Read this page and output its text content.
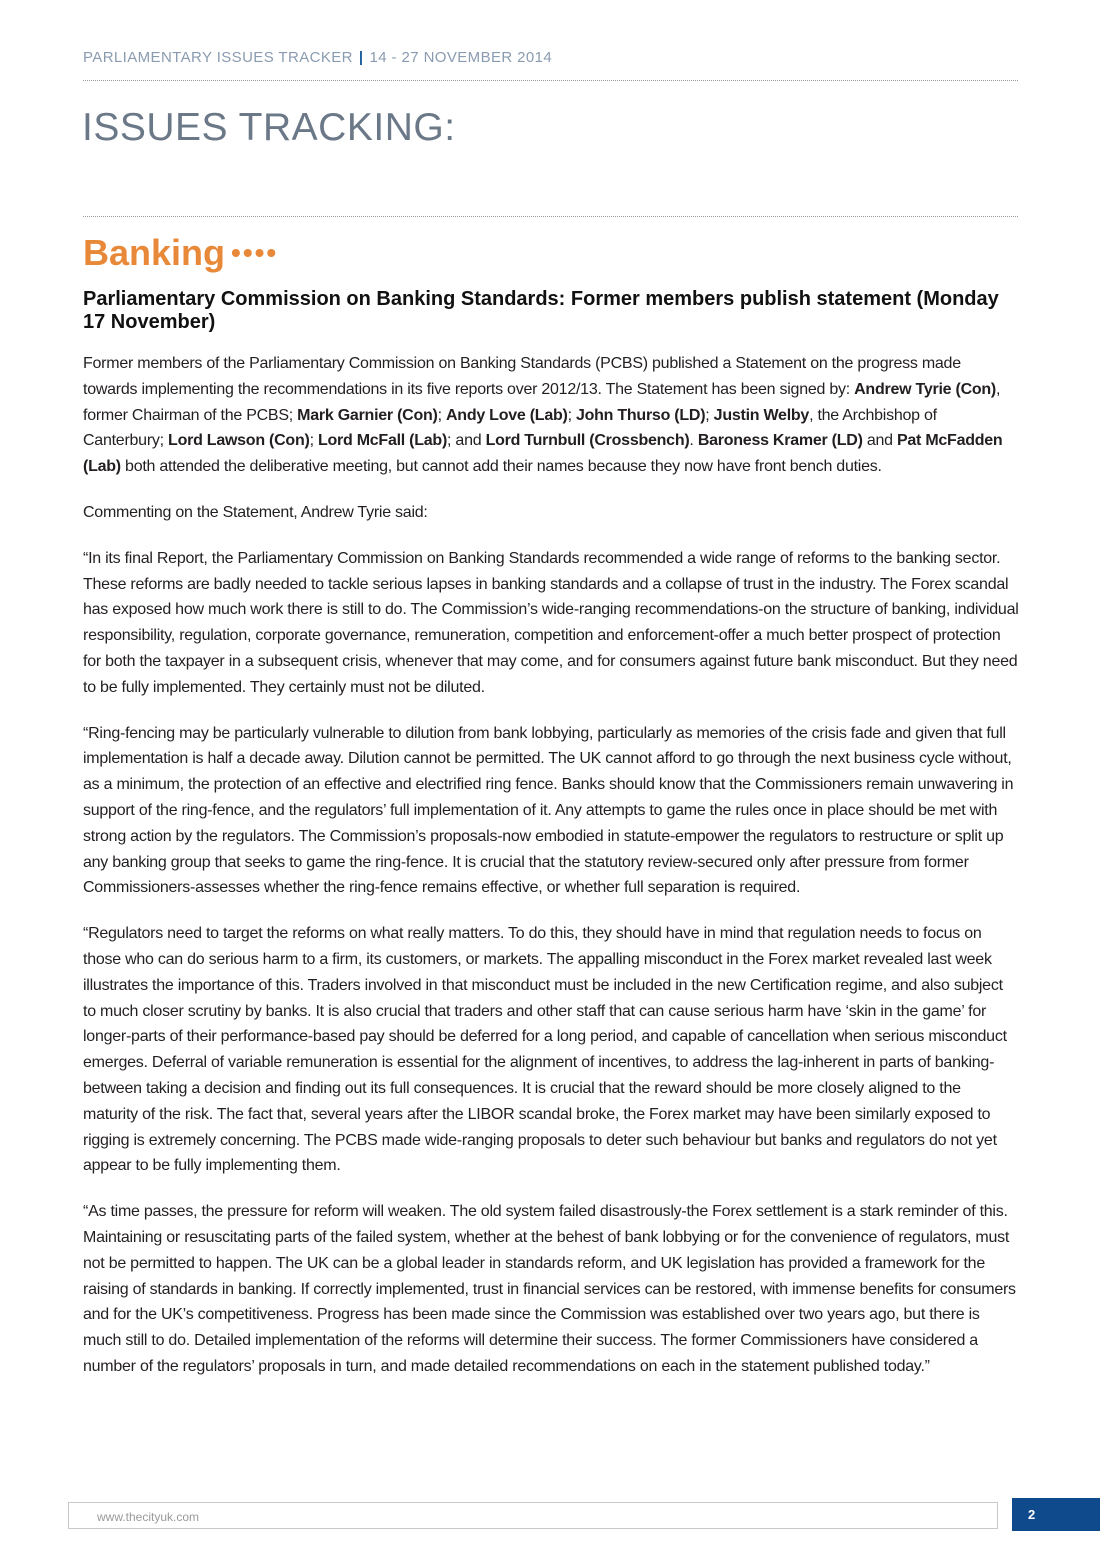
PARLIAMENTARY ISSUES TRACKER | 14 - 27 NOVEMBER 2014
ISSUES TRACKING:
Banking ••••
Parliamentary Commission on Banking Standards: Former members publish statement (Monday 17 November)

Former members of the Parliamentary Commission on Banking Standards (PCBS) published a Statement on the progress made towards implementing the recommendations in its five reports over 2012/13. The Statement has been signed by: Andrew Tyrie (Con), former Chairman of the PCBS; Mark Garnier (Con); Andy Love (Lab); John Thurso (LD); Justin Welby, the Archbishop of Canterbury; Lord Lawson (Con); Lord McFall (Lab); and Lord Turnbull (Crossbench). Baroness Kramer (LD) and Pat McFadden (Lab) both attended the deliberative meeting, but cannot add their names because they now have front bench duties.

Commenting on the Statement, Andrew Tyrie said:

“In its final Report, the Parliamentary Commission on Banking Standards recommended a wide range of reforms to the banking sector. These reforms are badly needed to tackle serious lapses in banking standards and a collapse of trust in the industry. The Forex scandal has exposed how much work there is still to do. The Commission’s wide-ranging recommendations-on the structure of banking, individual responsibility, regulation, corporate governance, remuneration, competition and enforcement-offer a much better prospect of protection for both the taxpayer in a subsequent crisis, whenever that may come, and for consumers against future bank misconduct. But they need to be fully implemented. They certainly must not be diluted.

“Ring-fencing may be particularly vulnerable to dilution from bank lobbying, particularly as memories of the crisis fade and given that full implementation is half a decade away. Dilution cannot be permitted. The UK cannot afford to go through the next business cycle without, as a minimum, the protection of an effective and electrified ring fence. Banks should know that the Commissioners remain unwavering in support of the ring-fence, and the regulators’ full implementation of it. Any attempts to game the rules once in place should be met with strong action by the regulators. The Commission’s proposals-now embodied in statute-empower the regulators to restructure or split up any banking group that seeks to game the ring-fence. It is crucial that the statutory review-secured only after pressure from former Commissioners-assesses whether the ring-fence remains effective, or whether full separation is required.

“Regulators need to target the reforms on what really matters. To do this, they should have in mind that regulation needs to focus on those who can do serious harm to a firm, its customers, or markets. The appalling misconduct in the Forex market revealed last week illustrates the importance of this. Traders involved in that misconduct must be included in the new Certification regime, and also subject to much closer scrutiny by banks. It is also crucial that traders and other staff that can cause serious harm have ‘skin in the game’ for longer-parts of their performance-based pay should be deferred for a long period, and capable of cancellation when serious misconduct emerges. Deferral of variable remuneration is essential for the alignment of incentives, to address the lag-inherent in parts of banking-between taking a decision and finding out its full consequences. It is crucial that the reward should be more closely aligned to the maturity of the risk. The fact that, several years after the LIBOR scandal broke, the Forex market may have been similarly exposed to rigging is extremely concerning. The PCBS made wide-ranging proposals to deter such behaviour but banks and regulators do not yet appear to be fully implementing them.

“As time passes, the pressure for reform will weaken. The old system failed disastrously-the Forex settlement is a stark reminder of this. Maintaining or resuscitating parts of the failed system, whether at the behest of bank lobbying or for the convenience of regulators, must not be permitted to happen. The UK can be a global leader in standards reform, and UK legislation has provided a framework for the raising of standards in banking. If correctly implemented, trust in financial services can be restored, with immense benefits for consumers and for the UK’s competitiveness. Progress has been made since the Commission was established over two years ago, but there is much still to do. Detailed implementation of the reforms will determine their success. The former Commissioners have considered a number of the regulators’ proposals in turn, and made detailed recommendations on each in the statement published today.”

www.thecityuk.com	2
